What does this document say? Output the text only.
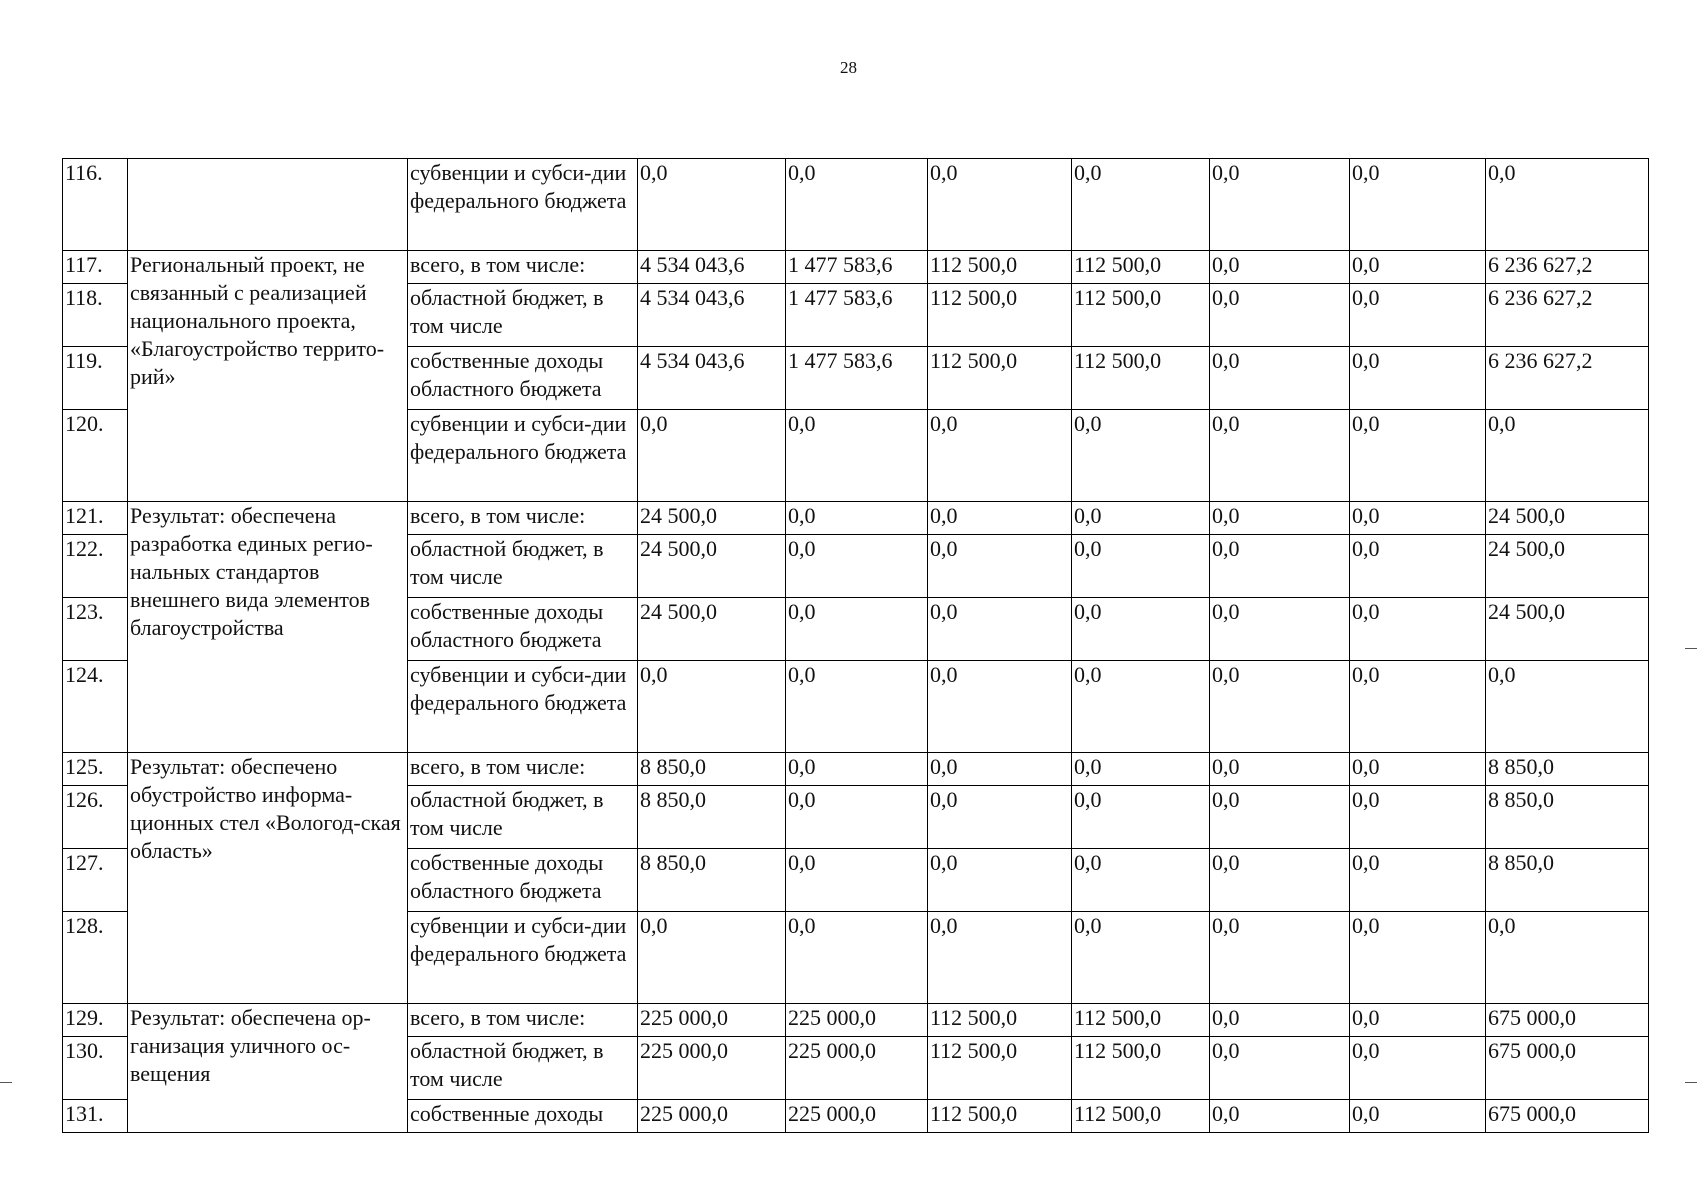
28
116.		субвенции и субси-дии федерального бюджета	0,0	0,0	0,0	0,0	0,0	0,0	0,0
117.	Региональный проект, не связанный с реализацией национального проекта, «Благоустройство террито-рий»	всего, в том числе:	4 534 043,6	1 477 583,6	112 500,0	112 500,0	0,0	0,0	6 236 627,2
118.		областной бюджет, в том числе	4 534 043,6	1 477 583,6	112 500,0	112 500,0	0,0	0,0	6 236 627,2
119.		собственные доходы областного бюджета	4 534 043,6	1 477 583,6	112 500,0	112 500,0	0,0	0,0	6 236 627,2
120.		субвенции и субси-дии федерального бюджета	0,0	0,0	0,0	0,0	0,0	0,0	0,0
121.	Результат: обеспечена разработка единых регио-нальных стандартов внешнего вида элементов благоустройства	всего, в том числе:	24 500,0	0,0	0,0	0,0	0,0	0,0	24 500,0
122.		областной бюджет, в том числе	24 500,0	0,0	0,0	0,0	0,0	0,0	24 500,0
123.		собственные доходы областного бюджета	24 500,0	0,0	0,0	0,0	0,0	0,0	24 500,0
124.		субвенции и субси-дии федерального бюджета	0,0	0,0	0,0	0,0	0,0	0,0	0,0
125.	Результат: обеспечено обустройство информа-ционных стел «Вологод-ская область»	всего, в том числе:	8 850,0	0,0	0,0	0,0	0,0	0,0	8 850,0
126.		областной бюджет, в том числе	8 850,0	0,0	0,0	0,0	0,0	0,0	8 850,0
127.		собственные доходы областного бюджета	8 850,0	0,0	0,0	0,0	0,0	0,0	8 850,0
128.		субвенции и субси-дии федерального бюджета	0,0	0,0	0,0	0,0	0,0	0,0	0,0
129.	Результат: обеспечена ор-ганизация уличного ос-вещения	всего, в том числе:	225 000,0	225 000,0	112 500,0	112 500,0	0,0	0,0	675 000,0
130.		областной бюджет, в том числе	225 000,0	225 000,0	112 500,0	112 500,0	0,0	0,0	675 000,0
131.		собственные доходы	225 000,0	225 000,0	112 500,0	112 500,0	0,0	0,0	675 000,0
